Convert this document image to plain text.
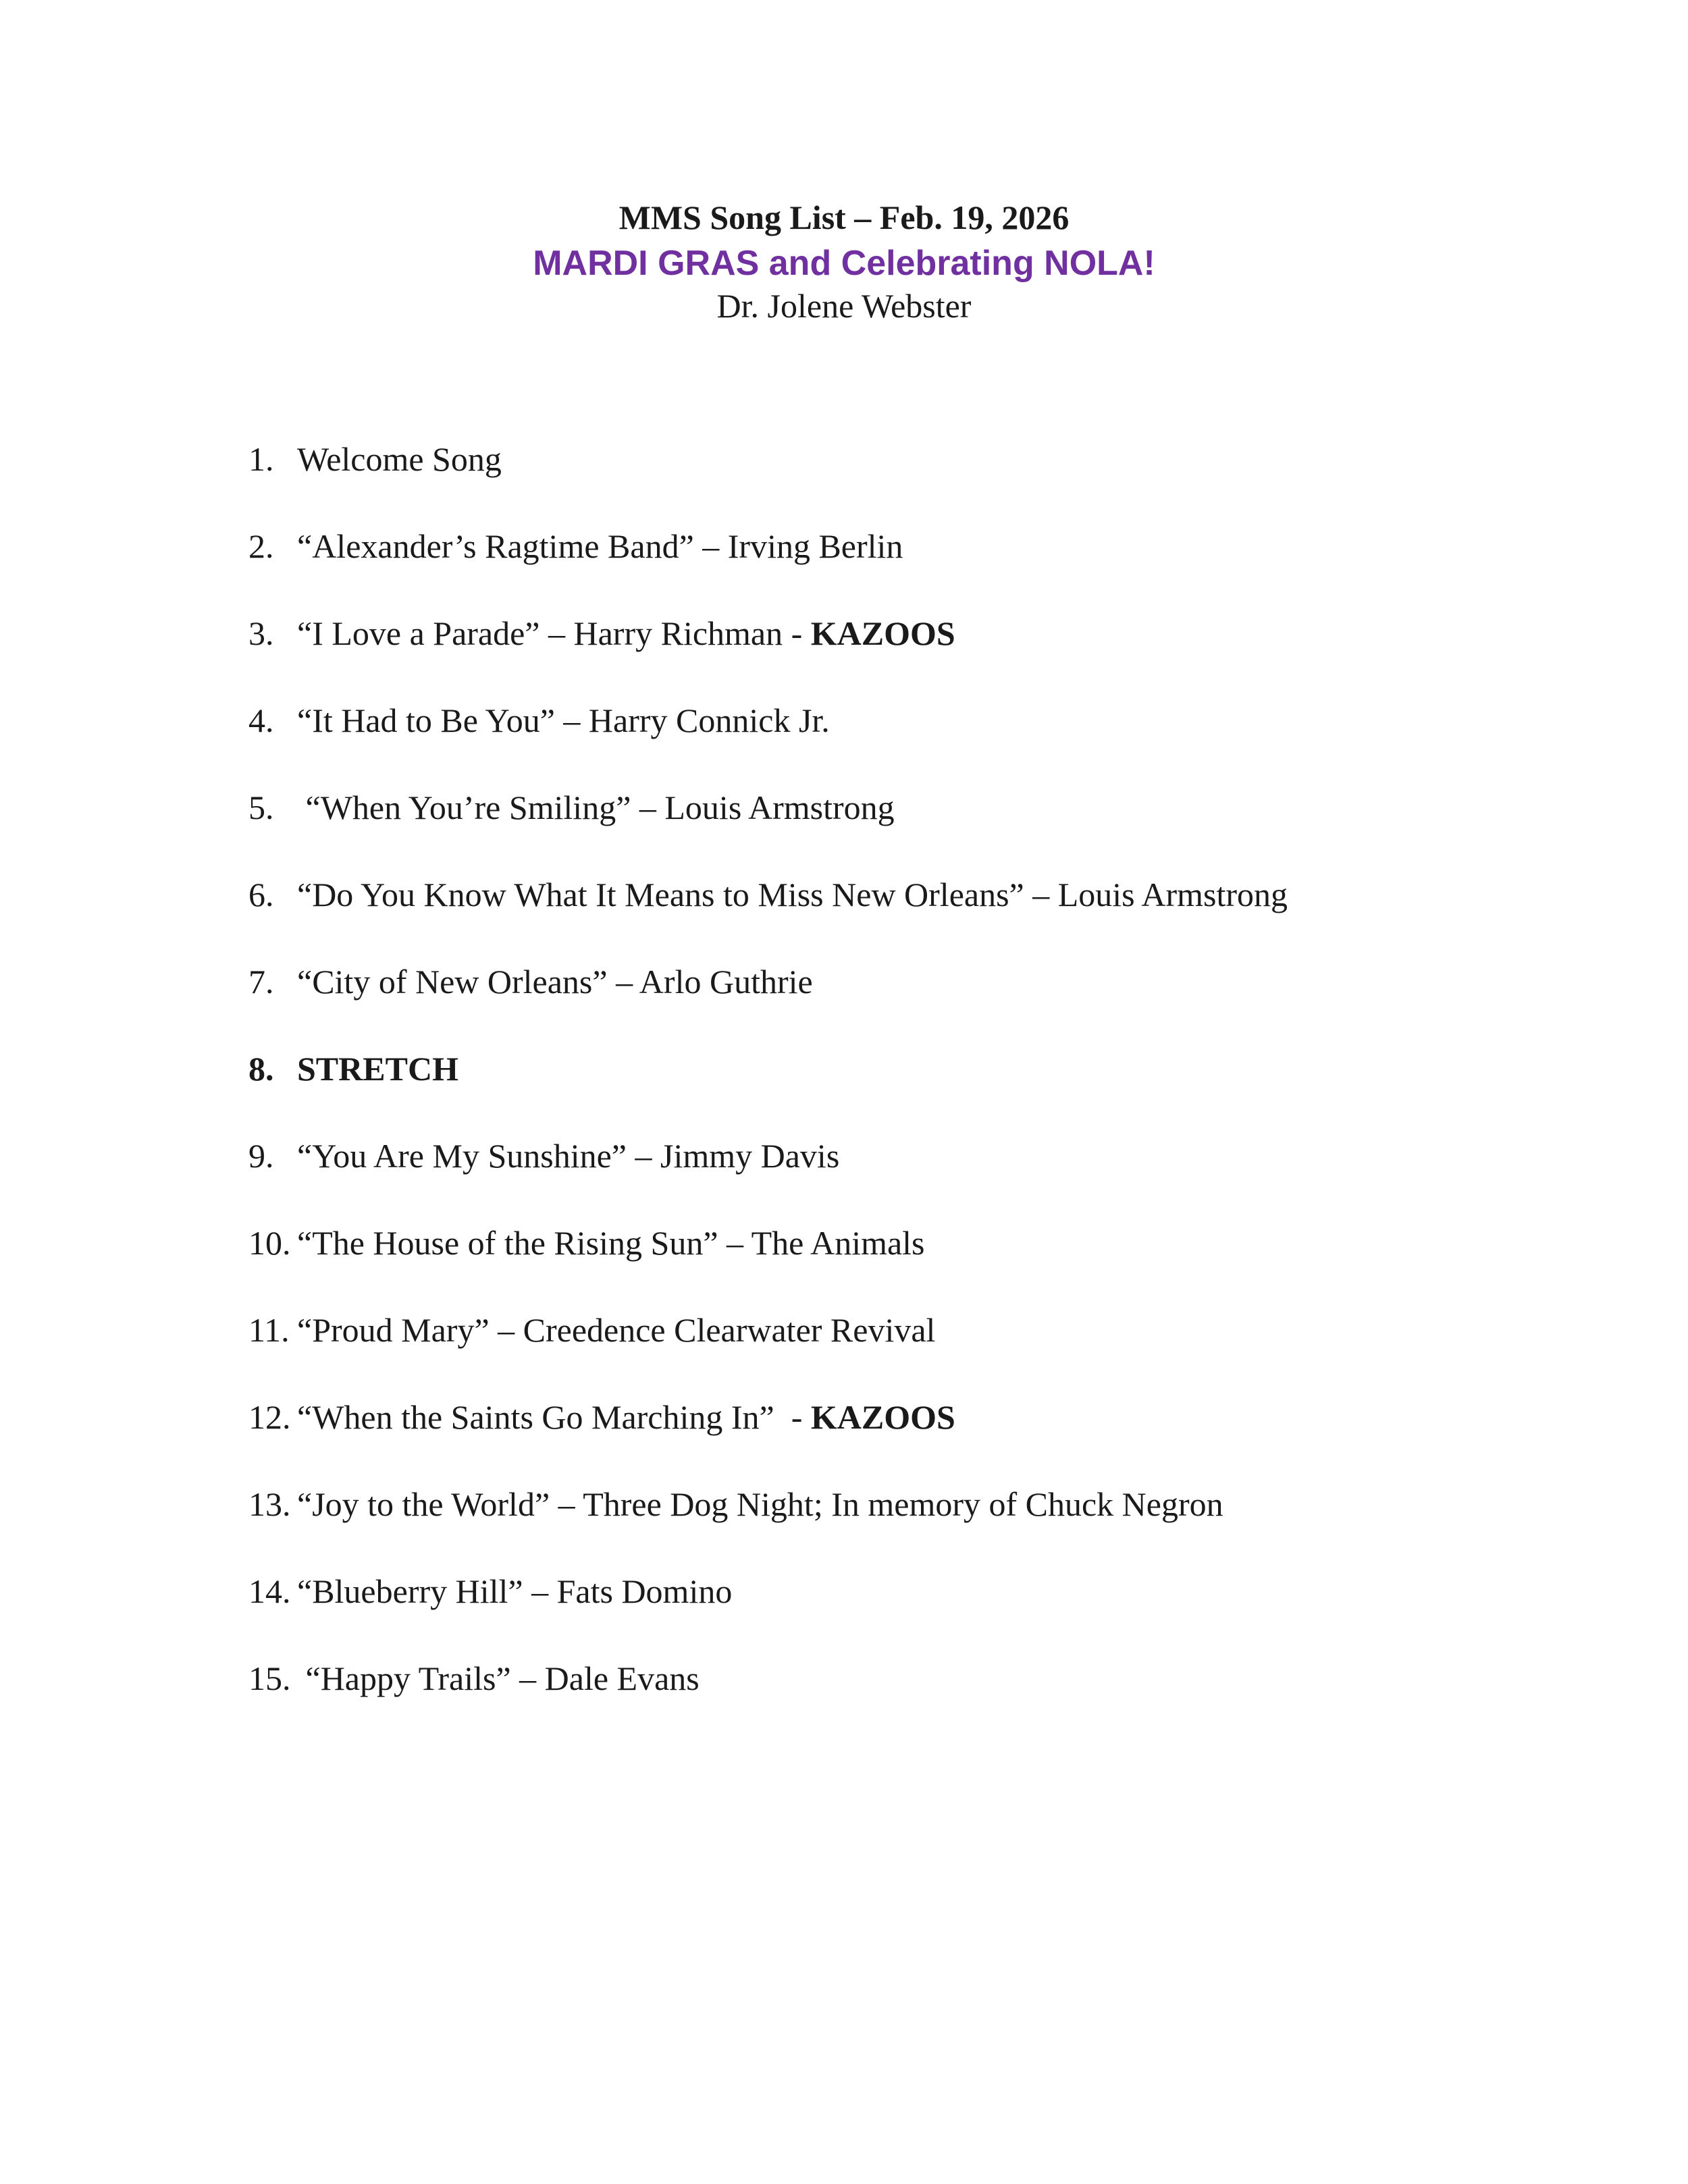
MMS Song List – Feb. 19, 2026
MARDI GRAS and Celebrating NOLA!
Dr. Jolene Webster
1. Welcome Song
2. “Alexander’s Ragtime Band” – Irving Berlin
3. “I Love a Parade” – Harry Richman - KAZOOS
4. “It Had to Be You” – Harry Connick Jr.
5. “When You’re Smiling” – Louis Armstrong
6. “Do You Know What It Means to Miss New Orleans” – Louis Armstrong
7. “City of New Orleans” – Arlo Guthrie
8. STRETCH
9. “You Are My Sunshine” – Jimmy Davis
10. “The House of the Rising Sun” – The Animals
11. “Proud Mary” – Creedence Clearwater Revival
12. “When the Saints Go Marching In”  - KAZOOS
13. “Joy to the World” – Three Dog Night; In memory of Chuck Negron
14. “Blueberry Hill” – Fats Domino
15. “Happy Trails” – Dale Evans
